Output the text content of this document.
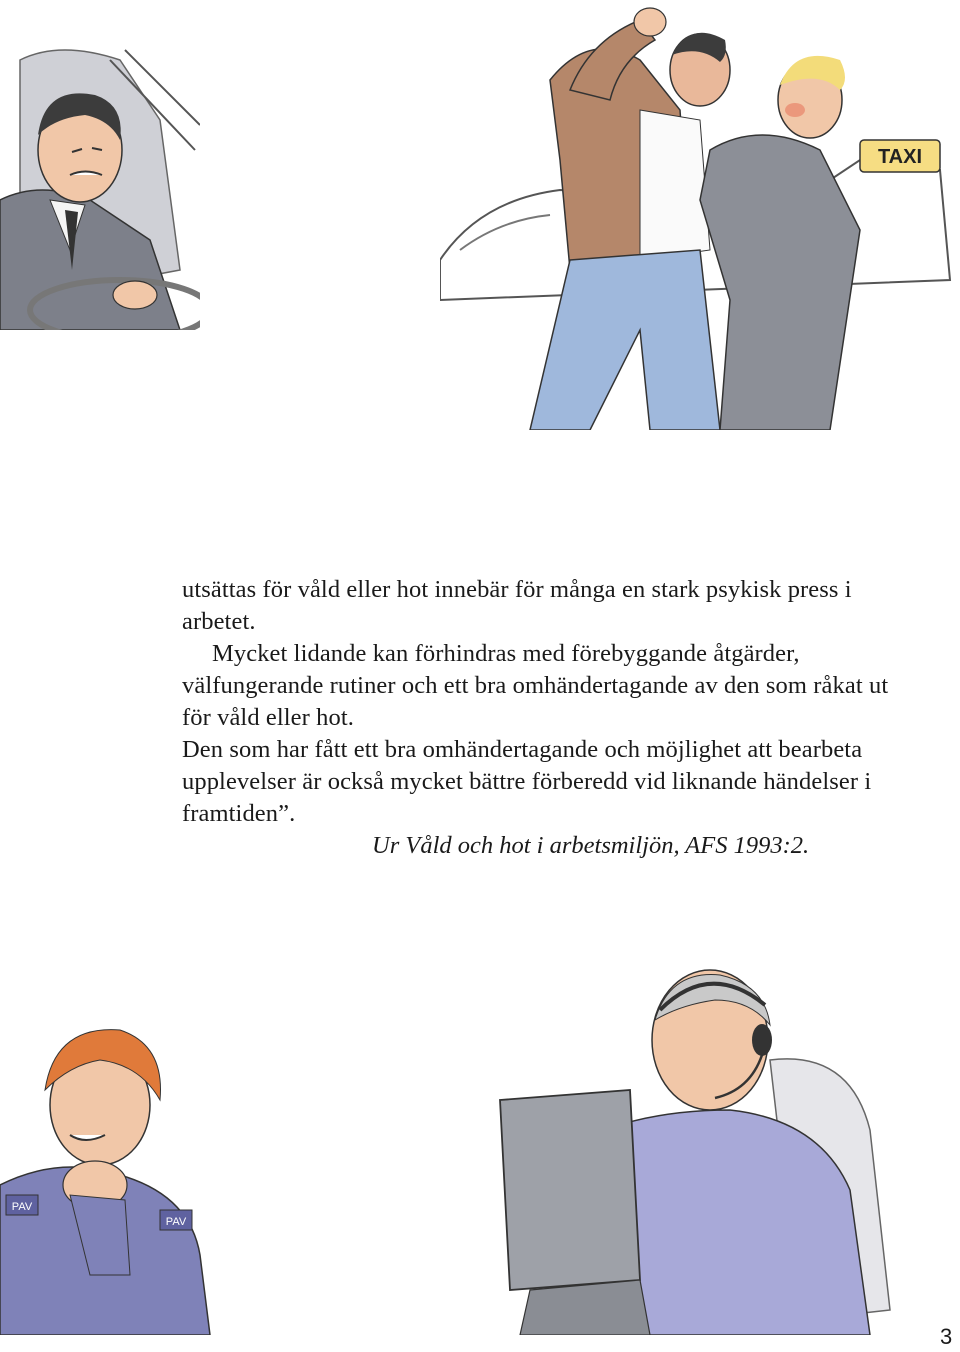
TAXI

utsättas för våld eller hot innebär för många en stark psykisk press i arbetet.

Mycket lidande kan förhindras med förebyggande åtgärder, välfungerande rutiner och ett bra omhändertagande av den som råkat ut för våld eller hot.

Den som har fått ett bra omhändertagande och möjlighet att bearbeta upplevelser är också mycket bättre förberedd vid liknande händelser i framtiden”.

Ur Våld och hot i arbetsmiljön, AFS 1993:2.
PAV
PAV
3
